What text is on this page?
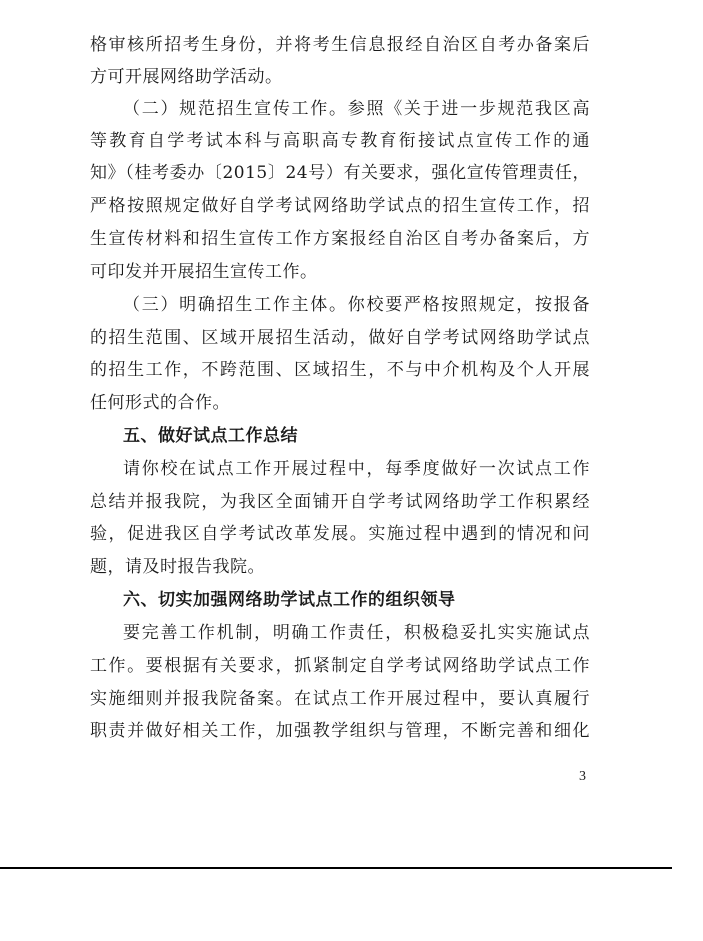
格审核所招考生身份，并将考生信息报经自治区自考办备案后
方可开展网络助学活动。
（二）规范招生宣传工作。参照《关于进一步规范我区高
等教育自学考试本科与高职高专教育衔接试点宣传工作的通
知》（桂考委办〔2015〕24号）有关要求，强化宣传管理责任，
严格按照规定做好自学考试网络助学试点的招生宣传工作，招
生宣传材料和招生宣传工作方案报经自治区自考办备案后，方
可印发并开展招生宣传工作。
（三）明确招生工作主体。你校要严格按照规定，按报备
的招生范围、区域开展招生活动，做好自学考试网络助学试点
的招生工作，不跨范围、区域招生，不与中介机构及个人开展
任何形式的合作。
五、做好试点工作总结
请你校在试点工作开展过程中，每季度做好一次试点工作
总结并报我院，为我区全面铺开自学考试网络助学工作积累经
验，促进我区自学考试改革发展。实施过程中遇到的情况和问
题，请及时报告我院。
六、切实加强网络助学试点工作的组织领导
要完善工作机制，明确工作责任，积极稳妥扎实实施试点
工作。要根据有关要求，抓紧制定自学考试网络助学试点工作
实施细则并报我院备案。在试点工作开展过程中，要认真履行
职责并做好相关工作，加强教学组织与管理，不断完善和细化
3
